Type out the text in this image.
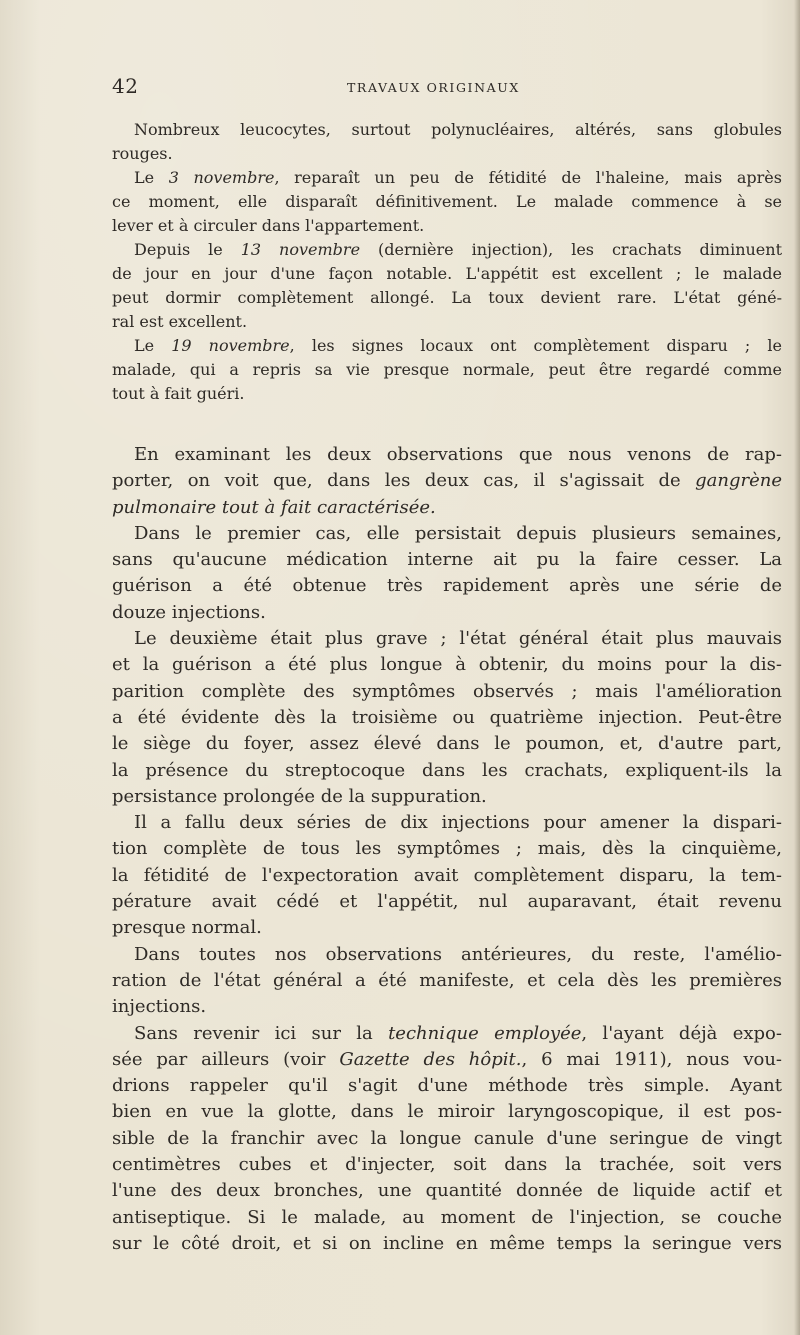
42	TRAVAUX ORIGINAUX
Nombreux leucocytes, surtout polynucléaires, altérés, sans globules
rouges.
Le 3 novembre, reparaît un peu de fétidité de l'haleine, mais après
ce moment, elle disparaît définitivement. Le malade commence à se
lever et à circuler dans l'appartement.
Depuis le 13 novembre (dernière injection), les crachats diminuent
de jour en jour d'une façon notable. L'appétit est excellent ; le malade
peut dormir complètement allongé. La toux devient rare. L'état géné-
ral est excellent.
Le 19 novembre, les signes locaux ont complètement disparu ; le
malade, qui a repris sa vie presque normale, peut être regardé comme
tout à fait guéri.
En examinant les deux observations que nous venons de rap-
porter, on voit que, dans les deux cas, il s'agissait de gangrène
pulmonaire tout à fait caractérisée.
Dans le premier cas, elle persistait depuis plusieurs semaines,
sans qu'aucune médication interne ait pu la faire cesser. La
guérison a été obtenue très rapidement après une série de
douze injections.
Le deuxième était plus grave ; l'état général était plus mauvais
et la guérison a été plus longue à obtenir, du moins pour la dis-
parition complète des symptômes observés ; mais l'amélioration
a été évidente dès la troisième ou quatrième injection. Peut-être
le siège du foyer, assez élevé dans le poumon, et, d'autre part,
la présence du streptocoque dans les crachats, expliquent-ils la
persistance prolongée de la suppuration.
Il a fallu deux séries de dix injections pour amener la dispari-
tion complète de tous les symptômes ; mais, dès la cinquième,
la fétidité de l'expectoration avait complètement disparu, la tem-
pérature avait cédé et l'appétit, nul auparavant, était revenu
presque normal.
Dans toutes nos observations antérieures, du reste, l'amélio-
ration de l'état général a été manifeste, et cela dès les premières
injections.
Sans revenir ici sur la technique employée, l'ayant déjà expo-
sée par ailleurs (voir Gazette des hôpit., 6 mai 1911), nous vou-
drions rappeler qu'il s'agit d'une méthode très simple. Ayant
bien en vue la glotte, dans le miroir laryngoscopique, il est pos-
sible de la franchir avec la longue canule d'une seringue de vingt
centimètres cubes et d'injecter, soit dans la trachée, soit vers
l'une des deux bronches, une quantité donnée de liquide actif et
antiseptique. Si le malade, au moment de l'injection, se couche
sur le côté droit, et si on incline en même temps la seringue vers
